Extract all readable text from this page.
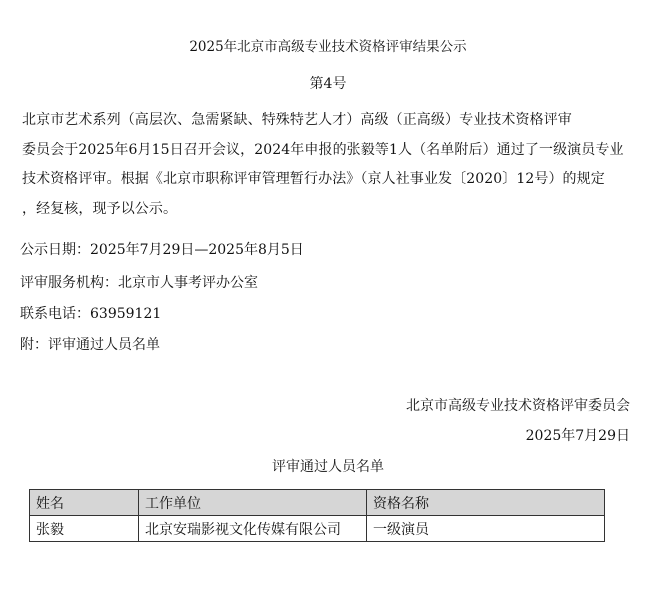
2025年北京市高级专业技术资格评审结果公示
第4号
北京市艺术系列（高层次、急需紧缺、特殊特艺人才）高级（正高级）专业技术资格评审
委员会于2025年6月15日召开会议，2024年申报的张毅等1人（名单附后）通过了一级演员专业
技术资格评审。根据《北京市职称评审管理暂行办法》（京人社事业发〔2020〕12号）的规定
，经复核，现予以公示。
公示日期：2025年7月29日—2025年8月5日
评审服务机构：北京市人事考评办公室
联系电话：63959121
附：评审通过人员名单
北京市高级专业技术资格评审委员会
2025年7月29日
评审通过人员名单
姓名	工作单位	资格名称
张毅	北京安瑞影视文化传媒有限公司	一级演员
